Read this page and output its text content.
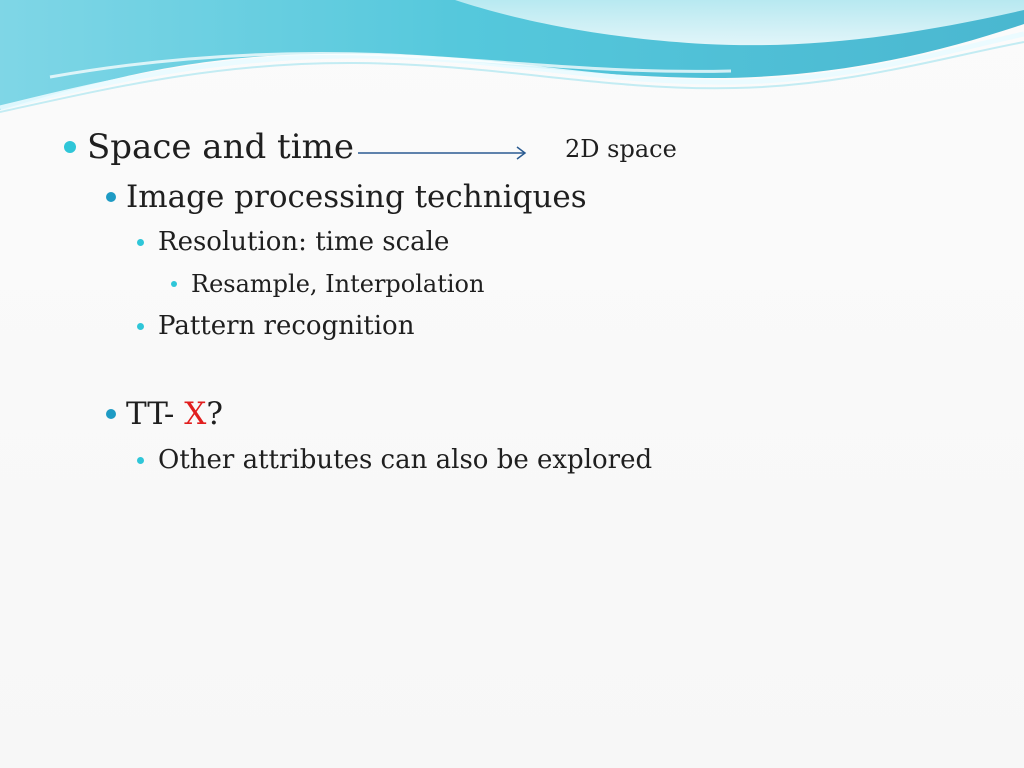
Space and time	2D space
Image processing techniques
Resolution: time scale
Resample, Interpolation
Pattern recognition
TT- X?
Other attributes can also be explored
